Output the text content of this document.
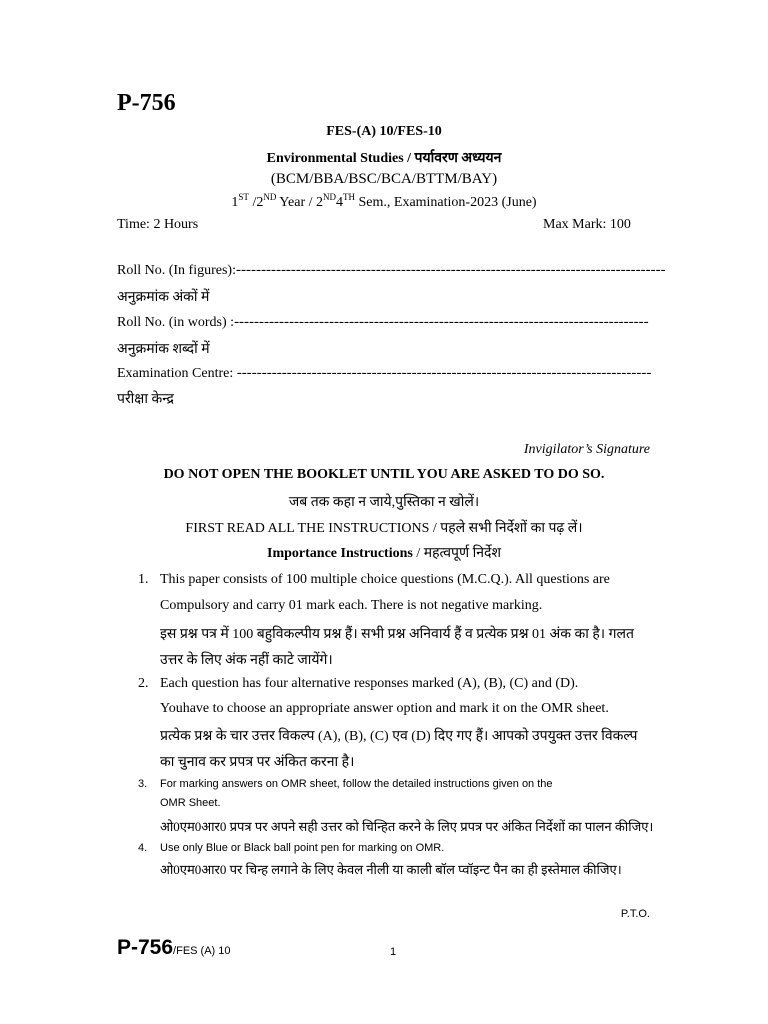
P-756
FES-(A) 10/FES-10
Environmental Studies / पर्यावरण अध्ययन
(BCM/BBA/BSC/BCA/BTTM/BAY)
1ST /2ND Year / 2ND4TH Sem., Examination-2023 (June)
Time: 2 Hours	Max Mark: 100
Roll No. (In figures):--------------------------------------------------------------------------------------
अनुक्रमांक अंकों में
Roll No. (in words) :-----------------------------------------------------------------------------------
अनुक्रमांक शब्दों में
Examination Centre: -----------------------------------------------------------------------------------
परीक्षा केन्द्र
Invigilator’s Signature
DO NOT OPEN THE BOOKLET UNTIL YOU ARE ASKED TO DO SO.
जब तक कहा न जाये,पुस्तिका न खोलें।
FIRST READ ALL THE INSTRUCTIONS / पहले सभी निर्देशों का पढ़ लें।
Importance Instructions / महत्वपूर्ण निर्देश
1. This paper consists of 100 multiple choice questions (M.C.Q.). All questions are
Compulsory and carry 01 mark each. There is not negative marking.
इस प्रश्न पत्र में 100 बहुविकल्पीय प्रश्न हैं। सभी प्रश्न अनिवार्य हैं व प्रत्येक प्रश्न 01 अंक का है। गलत
उत्तर के लिए अंक नहीं काटे जायेंगे।
2. Each question has four alternative responses marked (A), (B), (C) and (D).
Youhave to choose an appropriate answer option and mark it on the OMR sheet.
प्रत्येक प्रश्न के चार उत्तर विकल्प (A), (B), (C) एव (D) दिए गए हैं। आपको उपयुक्त उत्तर विकल्प
का चुनाव कर प्रपत्र पर अंकित करना है।
3. For marking answers on OMR sheet, follow the detailed instructions given on the
OMR Sheet.
ओ0एम0आर0 प्रपत्र पर अपने सही उत्तर को चिन्हित करने के लिए प्रपत्र पर अंकित निर्देशों का पालन कीजिए।
4. Use only Blue or Black ball point pen for marking on OMR.
ओ0एम0आर0 पर चिन्ह लगाने के लिए केवल नीली या काली बॉल प्वॉइन्ट पैन का ही इस्तेमाल कीजिए।
P.T.O.
P-756/FES (A) 10	1
